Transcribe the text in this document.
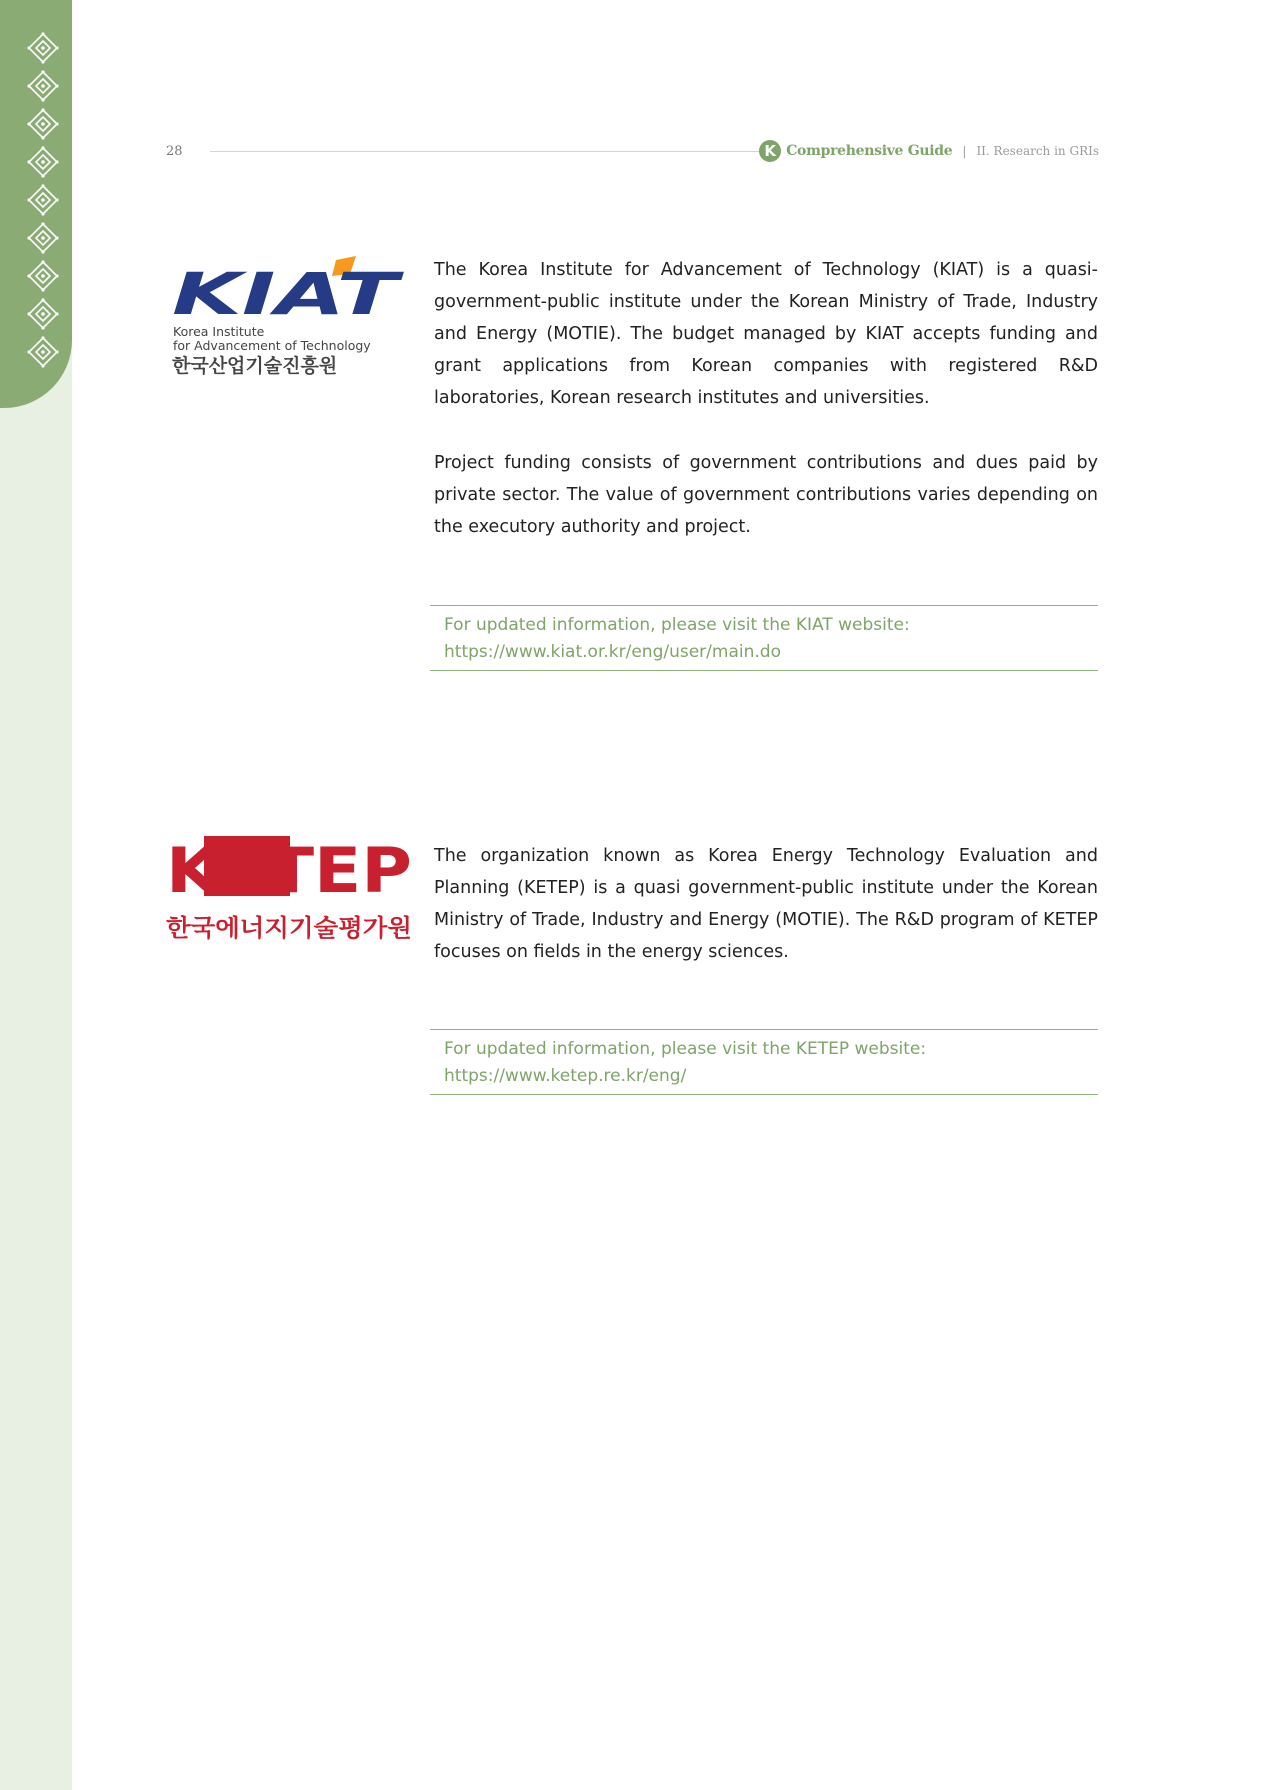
28	K Comprehensive Guide | II. Research in GRIs
KIAT
Korea Institute
for Advancement of Technology
한국산업기술진흥원

The Korea Institute for Advancement of Technology (KIAT) is a quasi-government-public institute under the Korean Ministry of Trade, Industry and Energy (MOTIE). The budget managed by KIAT accepts funding and grant applications from Korean companies with registered R&D laboratories, Korean research institutes and universities.

Project funding consists of government contributions and dues paid by private sector. The value of government contributions varies depending on the executory authority and project.

For updated information, please visit the KIAT website:
https://www.kiat.or.kr/eng/user/main.do
KETEP
한국에너지기술평가원

The organization known as Korea Energy Technology Evaluation and Planning (KETEP) is a quasi government-public institute under the Korean Ministry of Trade, Industry and Energy (MOTIE). The R&D program of KETEP focuses on fields in the energy sciences.

For updated information, please visit the KETEP website:
https://www.ketep.re.kr/eng/
